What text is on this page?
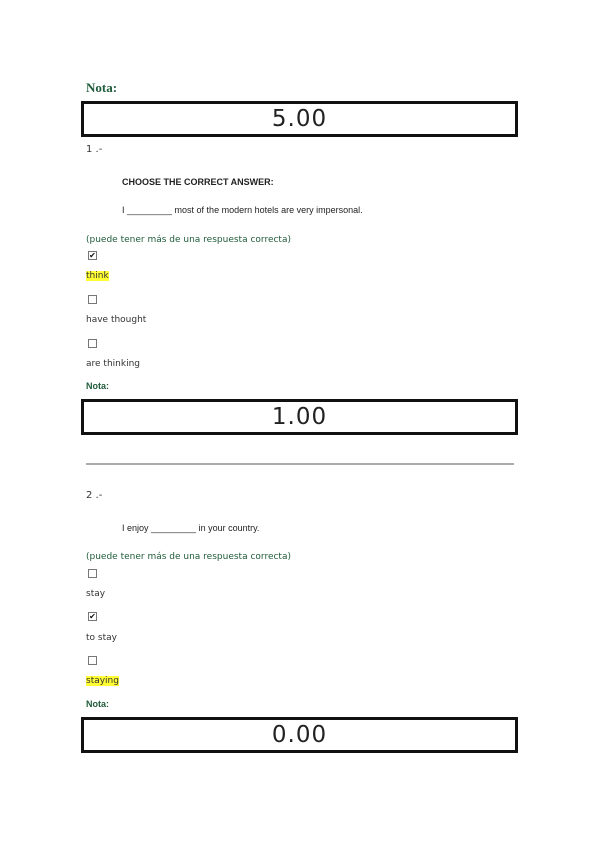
Nota:
5.00
1 .-
CHOOSE THE CORRECT ANSWER:
I _________ most of the modern hotels are very impersonal.
(puede tener más de una respuesta correcta)
✔
think
have thought
are thinking
Nota:
1.00
2 .-
I enjoy _________ in your country.
(puede tener más de una respuesta correcta)
stay
✔
to stay
staying
Nota:
0.00
